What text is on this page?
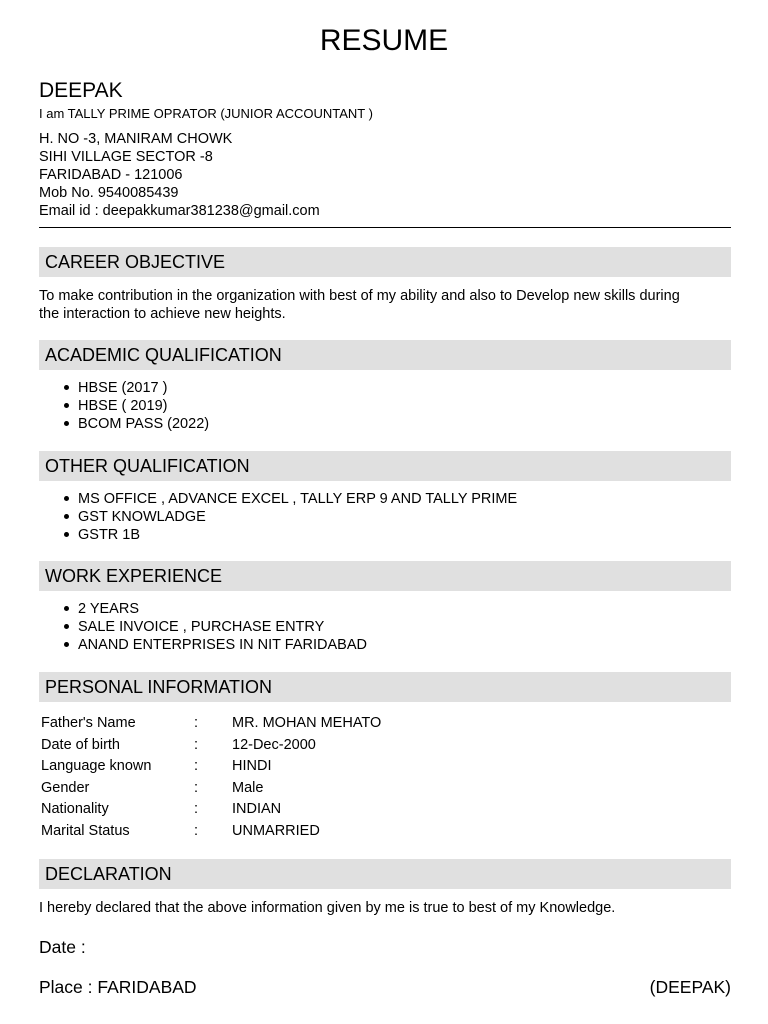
RESUME
DEEPAK
I am TALLY PRIME OPRATOR (JUNIOR ACCOUNTANT )
H. NO -3, MANIRAM CHOWK
SIHI VILLAGE SECTOR -8
FARIDABAD - 121006
Mob No. 9540085439
Email id : deepakkumar381238@gmail.com
CAREER OBJECTIVE
To make contribution in the organization with best of my ability and also to Develop new skills during
the interaction to achieve new heights.
ACADEMIC QUALIFICATION
HBSE (2017 )
HBSE ( 2019)
BCOM PASS (2022)
OTHER QUALIFICATION
MS OFFICE , ADVANCE EXCEL , TALLY ERP 9 AND TALLY PRIME
GST KNOWLADGE
GSTR 1B
WORK EXPERIENCE
2 YEARS
SALE INVOICE , PURCHASE ENTRY
ANAND ENTERPRISES IN NIT FARIDABAD
PERSONAL INFORMATION
Father's Name	: MR. MOHAN MEHATO
Date of birth	: 12-Dec-2000
Language known	: HINDI
Gender	: Male
Nationality	: INDIAN
Marital Status	: UNMARRIED
DECLARATION
I hereby declared that the above information given by me is true to best of my Knowledge.
Date :
Place : FARIDABAD	(DEEPAK)
